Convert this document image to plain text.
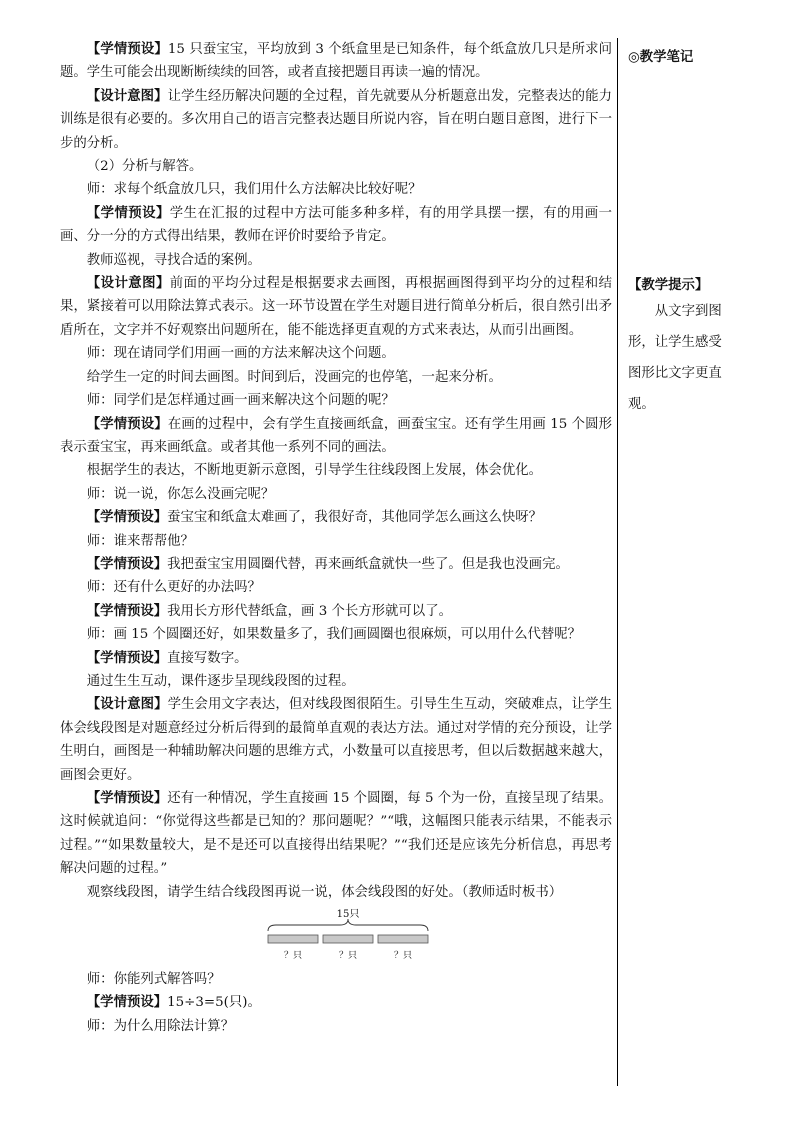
【学情预设】15 只蚕宝宝，平均放到 3 个纸盒里是已知条件，每个纸盒放几只是所求问题。学生可能会出现断断续续的回答，或者直接把题目再读一遍的情况。

【设计意图】让学生经历解决问题的全过程，首先就要从分析题意出发，完整表达的能力训练是很有必要的。多次用自己的语言完整表达题目所说内容，旨在明白题目意图，进行下一步的分析。

（2）分析与解答。

师：求每个纸盒放几只，我们用什么方法解决比较好呢？

【学情预设】学生在汇报的过程中方法可能多种多样，有的用学具摆一摆，有的用画一画、分一分的方式得出结果，教师在评价时要给予肯定。

教师巡视，寻找合适的案例。

【设计意图】前面的平均分过程是根据要求去画图，再根据画图得到平均分的过程和结果，紧接着可以用除法算式表示。这一环节设置在学生对题目进行简单分析后，很自然引出矛盾所在，文字并不好观察出问题所在，能不能选择更直观的方式来表达，从而引出画图。

师：现在请同学们用画一画的方法来解决这个问题。

给学生一定的时间去画图。时间到后，没画完的也停笔，一起来分析。

师：同学们是怎样通过画一画来解决这个问题的呢？

【学情预设】在画的过程中，会有学生直接画纸盒，画蚕宝宝。还有学生用画 15 个圆形表示蚕宝宝，再来画纸盒。或者其他一系列不同的画法。

根据学生的表达，不断地更新示意图，引导学生往线段图上发展，体会优化。

师：说一说，你怎么没画完呢？

【学情预设】蚕宝宝和纸盒太难画了，我很好奇，其他同学怎么画这么快呀？

师：谁来帮帮他？

【学情预设】我把蚕宝宝用圆圈代替，再来画纸盒就快一些了。但是我也没画完。

师：还有什么更好的办法吗？

【学情预设】我用长方形代替纸盒，画 3 个长方形就可以了。

师：画 15 个圆圈还好，如果数量多了，我们画圆圈也很麻烦，可以用什么代替呢？

【学情预设】直接写数字。

通过生生互动，课件逐步呈现线段图的过程。

【设计意图】学生会用文字表达，但对线段图很陌生。引导生生互动，突破难点，让学生体会线段图是对题意经过分析后得到的最简单直观的表达方法。通过对学情的充分预设，让学生明白，画图是一种辅助解决问题的思维方式，小数量可以直接思考，但以后数据越来越大，画图会更好。

【学情预设】还有一种情况，学生直接画 15 个圆圈，每 5 个为一份，直接呈现了结果。这时候就追问：“你觉得这些都是已知的？那问题呢？”“哦，这幅图只能表示结果，不能表示过程。”“如果数量较大，是不是还可以直接得出结果呢？”“我们还是应该先分析信息，再思考解决问题的过程。”

观察线段图，请学生结合线段图再说一说，体会线段图的好处。（教师适时板书）

15只
？只	？只	？只

师：你能列式解答吗？

【学情预设】15÷3=5(只)。

师：为什么用除法计算？

◎教学笔记
【教学提示】
从文字到图
形，让学生感受
图形比文字更直
观。
